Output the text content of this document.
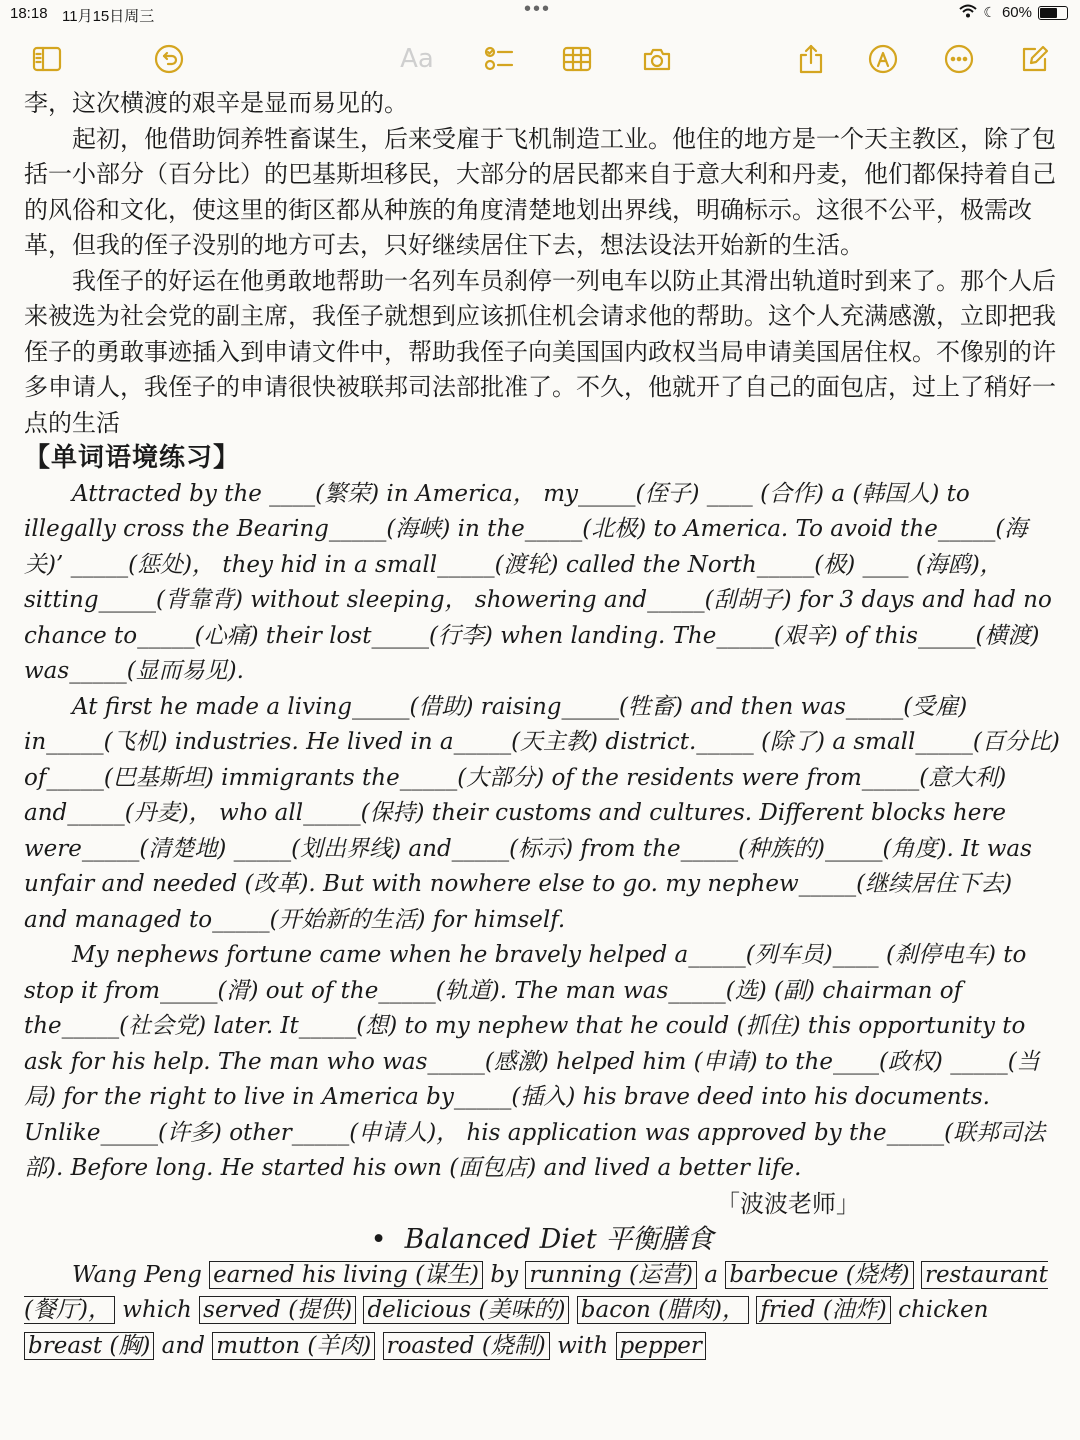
18:18 11月15日周三	•••	☾ 60%
Aa

李，这次横渡的艰辛是显而易见的。

起初，他借助饲养牲畜谋生，后来受雇于飞机制造工业。他住的地方是一个天主教区，除了包括一小部分（百分比）的巴基斯坦移民，大部分的居民都来自于意大利和丹麦，他们都保持着自己的风俗和文化，使这里的街区都从种族的角度清楚地划出界线，明确标示。这很不公平，极需改革，但我的侄子没别的地方可去，只好继续居住下去，想法设法开始新的生活。

我侄子的好运在他勇敢地帮助一名列车员刹停一列电车以防止其滑出轨道时到来了。那个人后来被选为社会党的副主席，我侄子就想到应该抓住机会请求他的帮助。这个人充满感激，立即把我侄子的勇敢事迹插入到申请文件中，帮助我侄子向美国国内政权当局申请美国居住权。不像别的许多申请人，我侄子的申请很快被联邦司法部批准了。不久，他就开了自己的面包店，过上了稍好一点的生活

【单词语境练习】

Attracted by the ____(繁荣) in America， my_____(侄子) ____ (合作) a (韩国人) to illegally cross the Bearing_____(海峡) in the_____(北极) to America. To avoid the_____(海关)’ _____(惩处)， they hid in a small_____(渡轮) called the North_____(极) ____ (海鸥)， sitting_____(背靠背) without sleeping， showering and_____(刮胡子) for 3 days and had no chance to_____(心痛) their lost_____(行李) when landing. The_____(艰辛) of this_____(横渡) was_____(显而易见).

At first he made a living_____(借助) raising_____(牲畜) and then was_____(受雇) in_____(飞机) industries. He lived in a_____(天主教) district._____ (除了) a small_____(百分比) of_____(巴基斯坦) immigrants the_____(大部分) of the residents were from_____(意大利) and_____(丹麦)， who all_____(保持) their customs and cultures. Different blocks here were_____(清楚地) _____(划出界线) and_____(标示) from the_____(种族的)_____(角度). It was unfair and needed (改革). But with nowhere else to go. my nephew_____(继续居住下去) and managed to_____(开始新的生活) for himself.

My nephews fortune came when he bravely helped a_____(列车员)____ (刹停电车) to stop it from_____(滑) out of the_____(轨道). The man was_____(选) (副) chairman of the_____(社会党) later. It_____(想) to my nephew that he could (抓住) this opportunity to ask for his help. The man who was_____(感激) helped him (申请) to the____(政权) _____(当局) for the right to live in America by_____(插入) his brave deed into his documents. Unlike_____(许多) other_____(申请人)， his application was approved by the_____(联邦司法部). Before long. He started his own (面包店) and lived a better life.

「波波老师」

• Balanced Diet 平衡膳食

Wang Peng earned his living (谋生) by running (运营) a barbecue (烧烤) restaurant (餐厅)， which served (提供) delicious (美味的) bacon (腊肉)， fried (油炸) chicken breast (胸) and mutton (羊肉) roasted (烧制) with pepper
